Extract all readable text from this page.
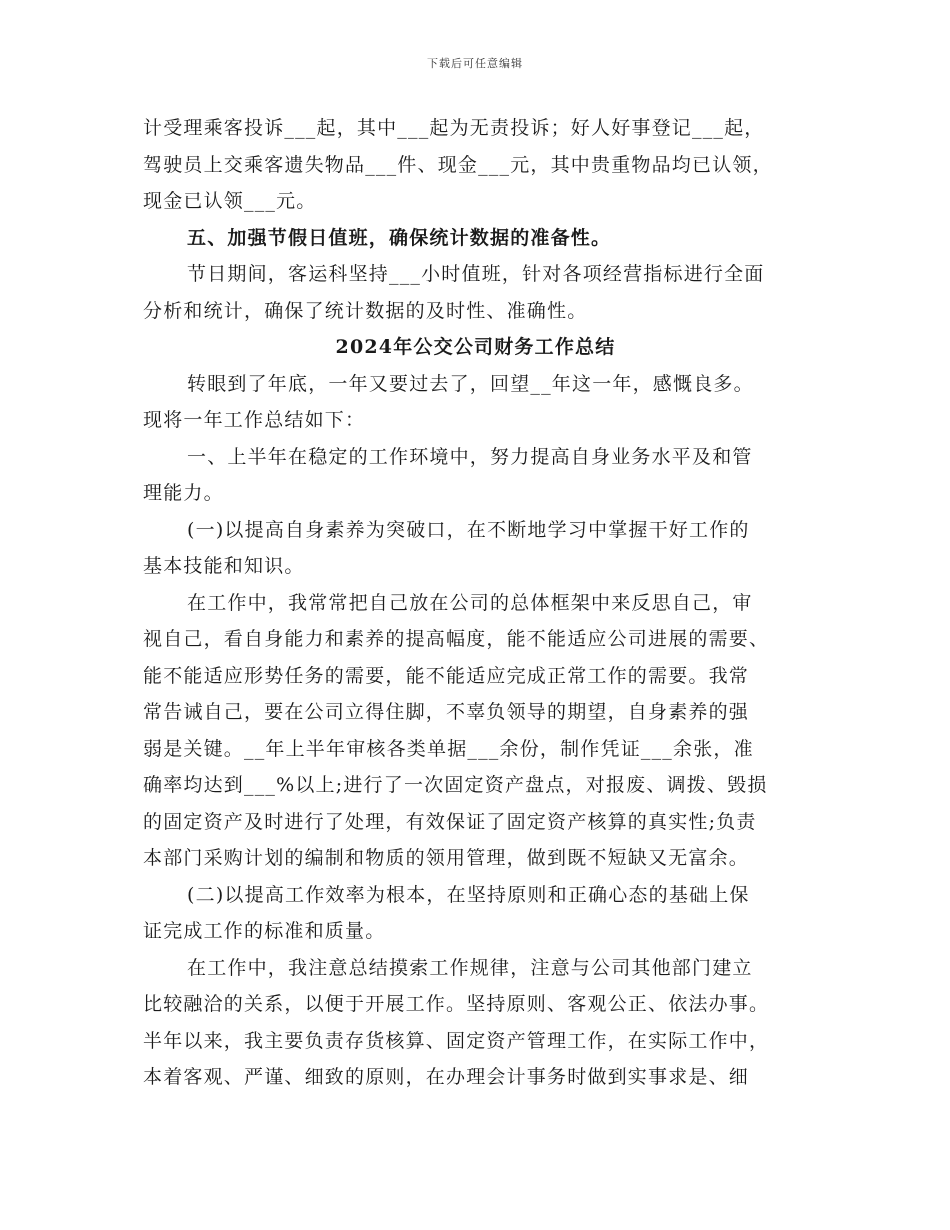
下载后可任意编辑
计受理乘客投诉___起，其中___起为无责投诉；好人好事登记___起，
驾驶员上交乘客遗失物品___件、现金___元，其中贵重物品均已认领，
现金已认领___元。
五、加强节假日值班，确保统计数据的准备性。
节日期间，客运科坚持___小时值班，针对各项经营指标进行全面
分析和统计，确保了统计数据的及时性、准确性。
2024年公交公司财务工作总结
转眼到了年底，一年又要过去了，回望__年这一年，感慨良多。
现将一年工作总结如下：
一、上半年在稳定的工作环境中，努力提高自身业务水平及和管
理能力。
(一)以提高自身素养为突破口，在不断地学习中掌握干好工作的
基本技能和知识。
在工作中，我常常把自己放在公司的总体框架中来反思自己，审
视自己，看自身能力和素养的提高幅度，能不能适应公司进展的需要、
能不能适应形势任务的需要，能不能适应完成正常工作的需要。我常
常告诫自己，要在公司立得住脚，不辜负领导的期望，自身素养的强
弱是关键。__年上半年审核各类单据___余份，制作凭证___余张，准
确率均达到___%以上;进行了一次固定资产盘点，对报废、调拨、毁损
的固定资产及时进行了处理，有效保证了固定资产核算的真实性;负责
本部门采购计划的编制和物质的领用管理，做到既不短缺又无富余。
(二)以提高工作效率为根本，在坚持原则和正确心态的基础上保
证完成工作的标准和质量。
在工作中，我注意总结摸索工作规律，注意与公司其他部门建立
比较融洽的关系，以便于开展工作。坚持原则、客观公正、依法办事。
半年以来，我主要负责存货核算、固定资产管理工作，在实际工作中，
本着客观、严谨、细致的原则，在办理会计事务时做到实事求是、细
